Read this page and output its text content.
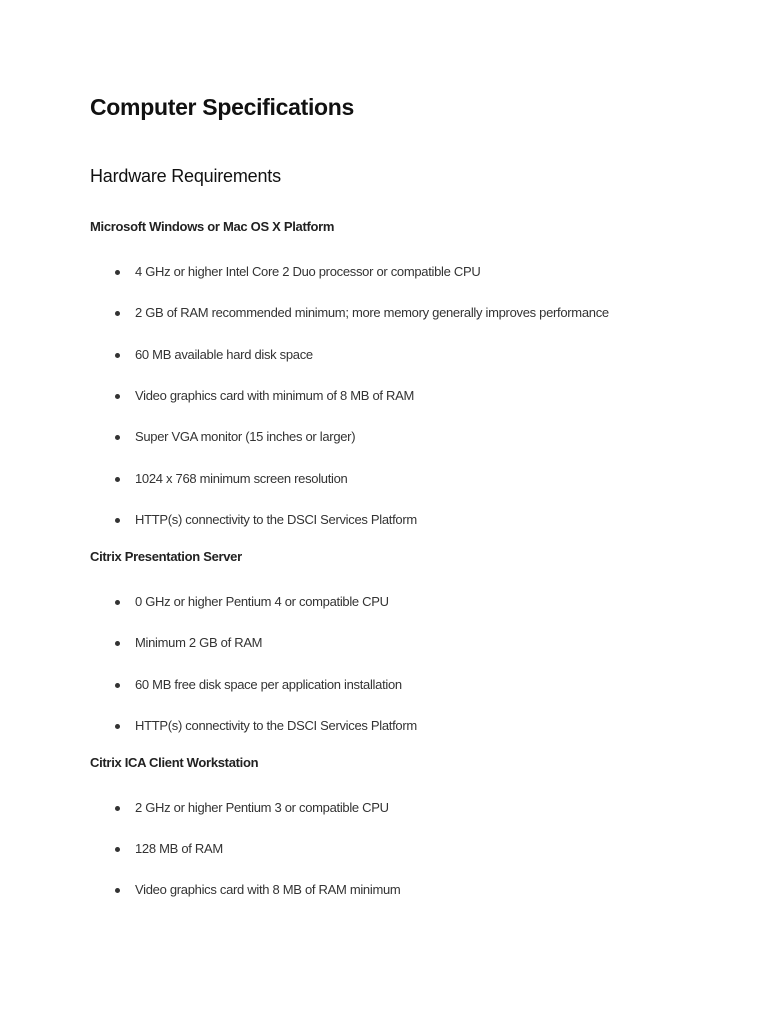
Computer Specifications
Hardware Requirements
Microsoft Windows or Mac OS X Platform
4 GHz or higher Intel Core 2 Duo processor or compatible CPU
2 GB of RAM recommended minimum; more memory generally improves performance
60 MB available hard disk space
Video graphics card with minimum of 8 MB of RAM
Super VGA monitor (15 inches or larger)
1024 x 768 minimum screen resolution
HTTP(s) connectivity to the DSCI Services Platform
Citrix Presentation Server
0 GHz or higher Pentium 4 or compatible CPU
Minimum 2 GB of RAM
60 MB free disk space per application installation
HTTP(s) connectivity to the DSCI Services Platform
Citrix ICA Client Workstation
2 GHz or higher Pentium 3 or compatible CPU
128 MB of RAM
Video graphics card with 8 MB of RAM minimum
